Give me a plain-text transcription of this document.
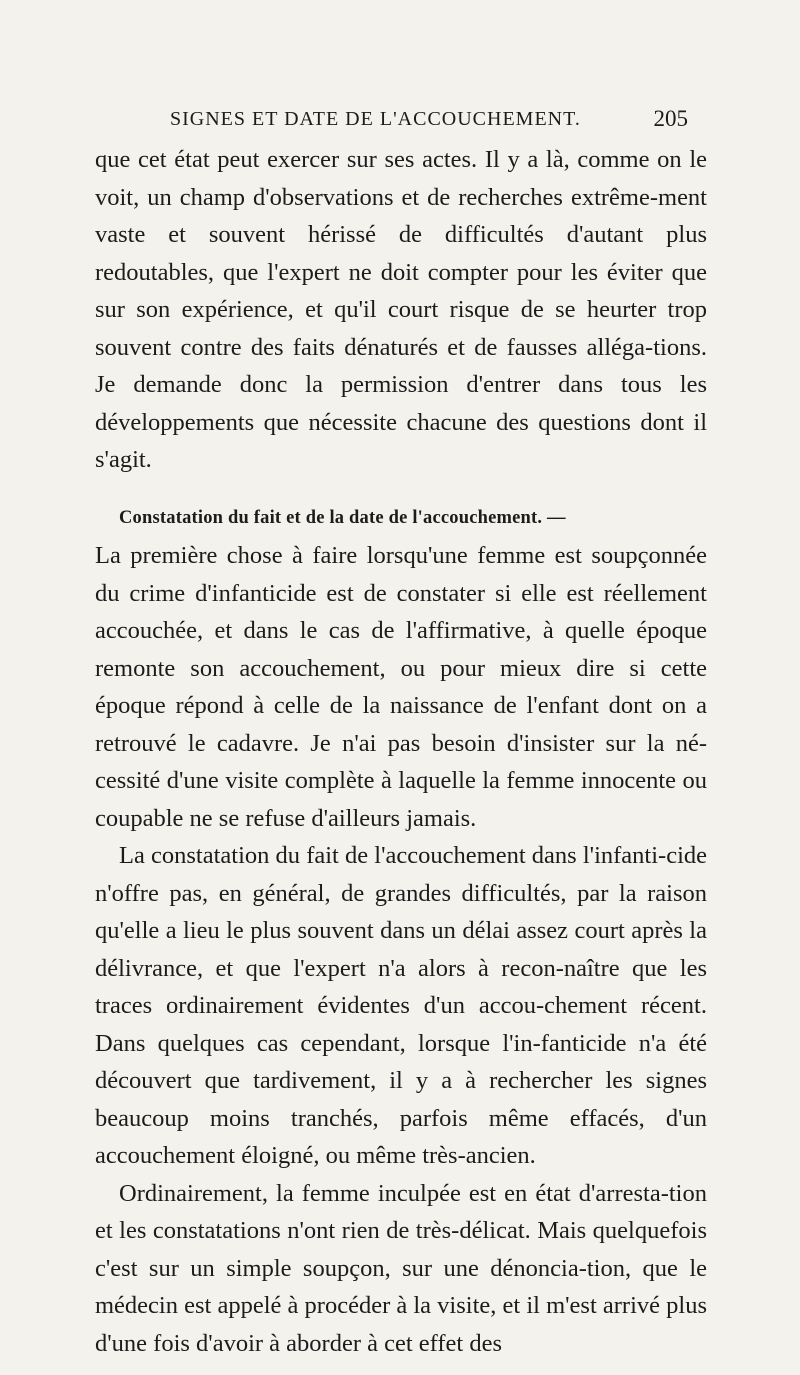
SIGNES ET DATE DE L'ACCOUCHEMENT.	205

que cet état peut exercer sur ses actes. Il y a là, comme on le voit, un champ d'observations et de recherches extrême-ment vaste et souvent hérissé de difficultés d'autant plus redoutables, que l'expert ne doit compter pour les éviter que sur son expérience, et qu'il court risque de se heurter trop souvent contre des faits dénaturés et de fausses alléga-tions. Je demande donc la permission d'entrer dans tous les développements que nécessite chacune des questions dont il s'agit.

Constatation du fait et de la date de l'accouchement. —

La première chose à faire lorsqu'une femme est soupçonnée du crime d'infanticide est de constater si elle est réellement accouchée, et dans le cas de l'affirmative, à quelle époque remonte son accouchement, ou pour mieux dire si cette époque répond à celle de la naissance de l'enfant dont on a retrouvé le cadavre. Je n'ai pas besoin d'insister sur la né-cessité d'une visite complète à laquelle la femme innocente ou coupable ne se refuse d'ailleurs jamais.

La constatation du fait de l'accouchement dans l'infanti-cide n'offre pas, en général, de grandes difficultés, par la raison qu'elle a lieu le plus souvent dans un délai assez court après la délivrance, et que l'expert n'a alors à recon-naître que les traces ordinairement évidentes d'un accou-chement récent. Dans quelques cas cependant, lorsque l'in-fanticide n'a été découvert que tardivement, il y a à rechercher les signes beaucoup moins tranchés, parfois même effacés, d'un accouchement éloigné, ou même très-ancien.

Ordinairement, la femme inculpée est en état d'arresta-tion et les constatations n'ont rien de très-délicat. Mais quelquefois c'est sur un simple soupçon, sur une dénoncia-tion, que le médecin est appelé à procéder à la visite, et il m'est arrivé plus d'une fois d'avoir à aborder à cet effet des
